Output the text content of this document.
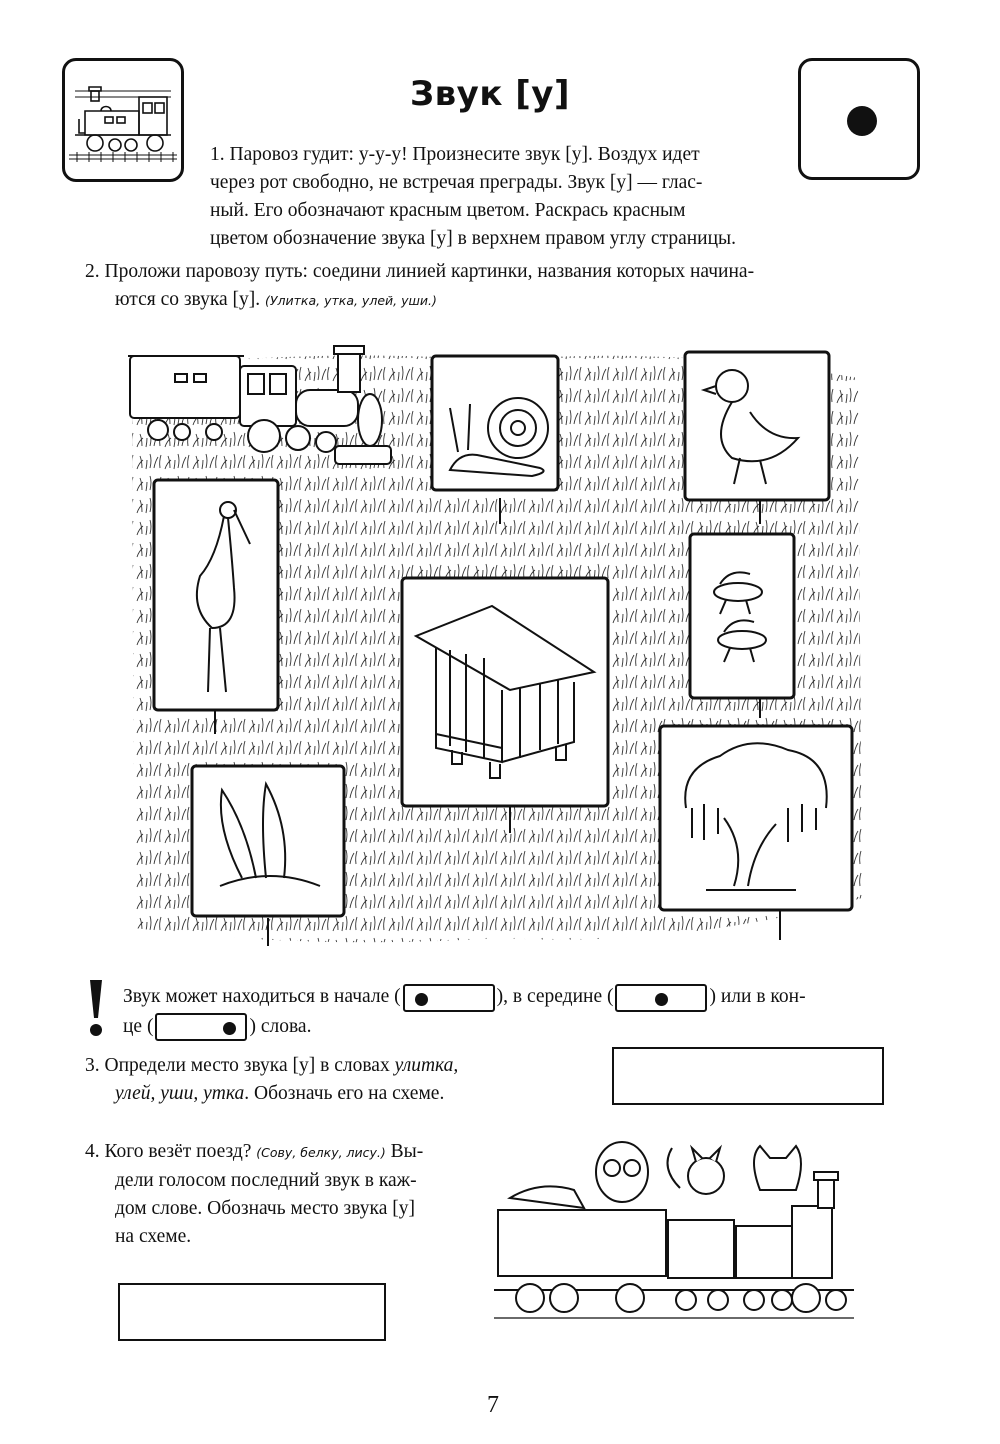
Звук [у]
1. Паровоз гудит: у-у-у! Произнесите звук [у]. Воздух идет
через рот свободно, не встречая преграды. Звук [у] — глас-
ный. Его обозначают красным цветом. Раскрась красным
цветом обозначение звука [у] в верхнем правом углу страницы.
2. Проложи паровозу путь: соедини линией картинки, названия которых начина-
ются со звука [у]. (Улитка, утка, улей, уши.)
Звук может находиться в начале (	), в середине (	) или в кон-
це (	) слова.
3. Определи место звука [у] в словах улитка,
улей, уши, утка. Обозначь его на схеме.
4. Кого везёт поезд? (Сову, белку, лису.) Вы-
дели голосом последний звук в каж-
дом слове. Обозначь место звука [у]
на схеме.
7
